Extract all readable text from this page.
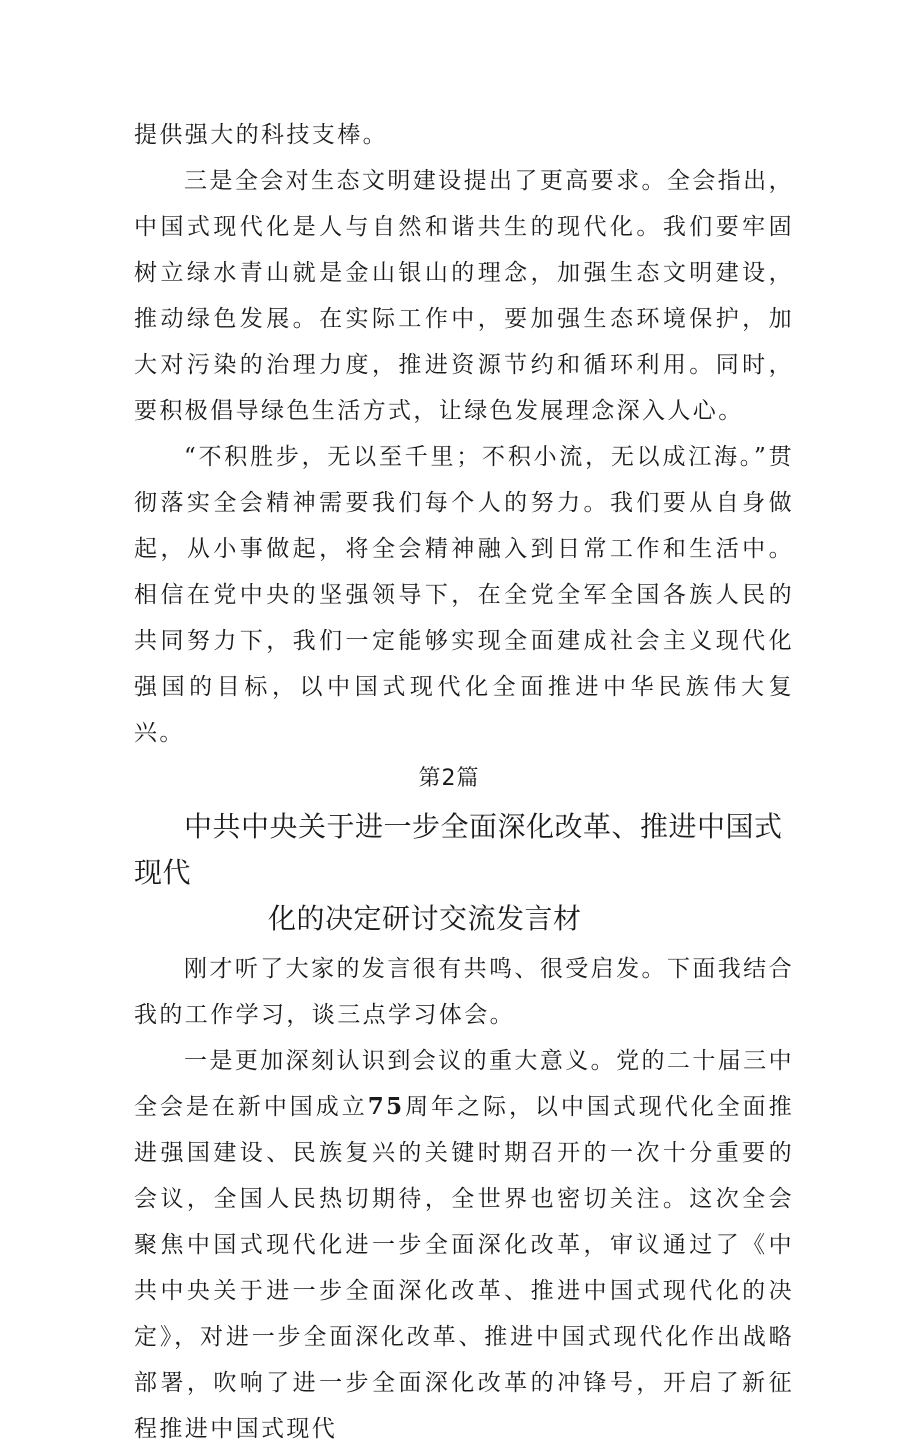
提供强大的科技支棒。

三是全会对生态文明建设提出了更高要求。全会指出，中国式现代化是人与自然和谐共生的现代化。我们要牢固树立绿水青山就是金山银山的理念，加强生态文明建设，推动绿色发展。在实际工作中，要加强生态环境保护，加大对污染的治理力度，推进资源节约和循环利用。同时，要积极倡导绿色生活方式，让绿色发展理念深入人心。

“不积胜步，无以至千里；不积小流，无以成江海。”贯彻落实全会精神需要我们每个人的努力。我们要从自身做起，从小事做起，将全会精神融入到日常工作和生活中。相信在党中央的坚强领导下，在全党全军全国各族人民的共同努力下，我们一定能够实现全面建成社会主义现代化强国的目标，以中国式现代化全面推进中华民族伟大复兴。

第2篇

中共中央关于进一步全面深化改革、推进中国式现代
化的决定研讨交流发言材

刚才听了大家的发言很有共鸣、很受启发。下面我结合我的工作学习，谈三点学习体会。

一是更加深刻认识到会议的重大意义。党的二十届三中全会是在新中国成立75周年之际，以中国式现代化全面推进强国建设、民族复兴的关键时期召开的一次十分重要的会议，全国人民热切期待，全世界也密切关注。这次全会聚焦中国式现代化进一步全面深化改革，审议通过了《中共中央关于进一步全面深化改革、推进中国式现代化的决定》，对进一步全面深化改革、推进中国式现代化作出战略部署，吹响了进一步全面深化改革的冲锋号，开启了新征程推进中国式现代
